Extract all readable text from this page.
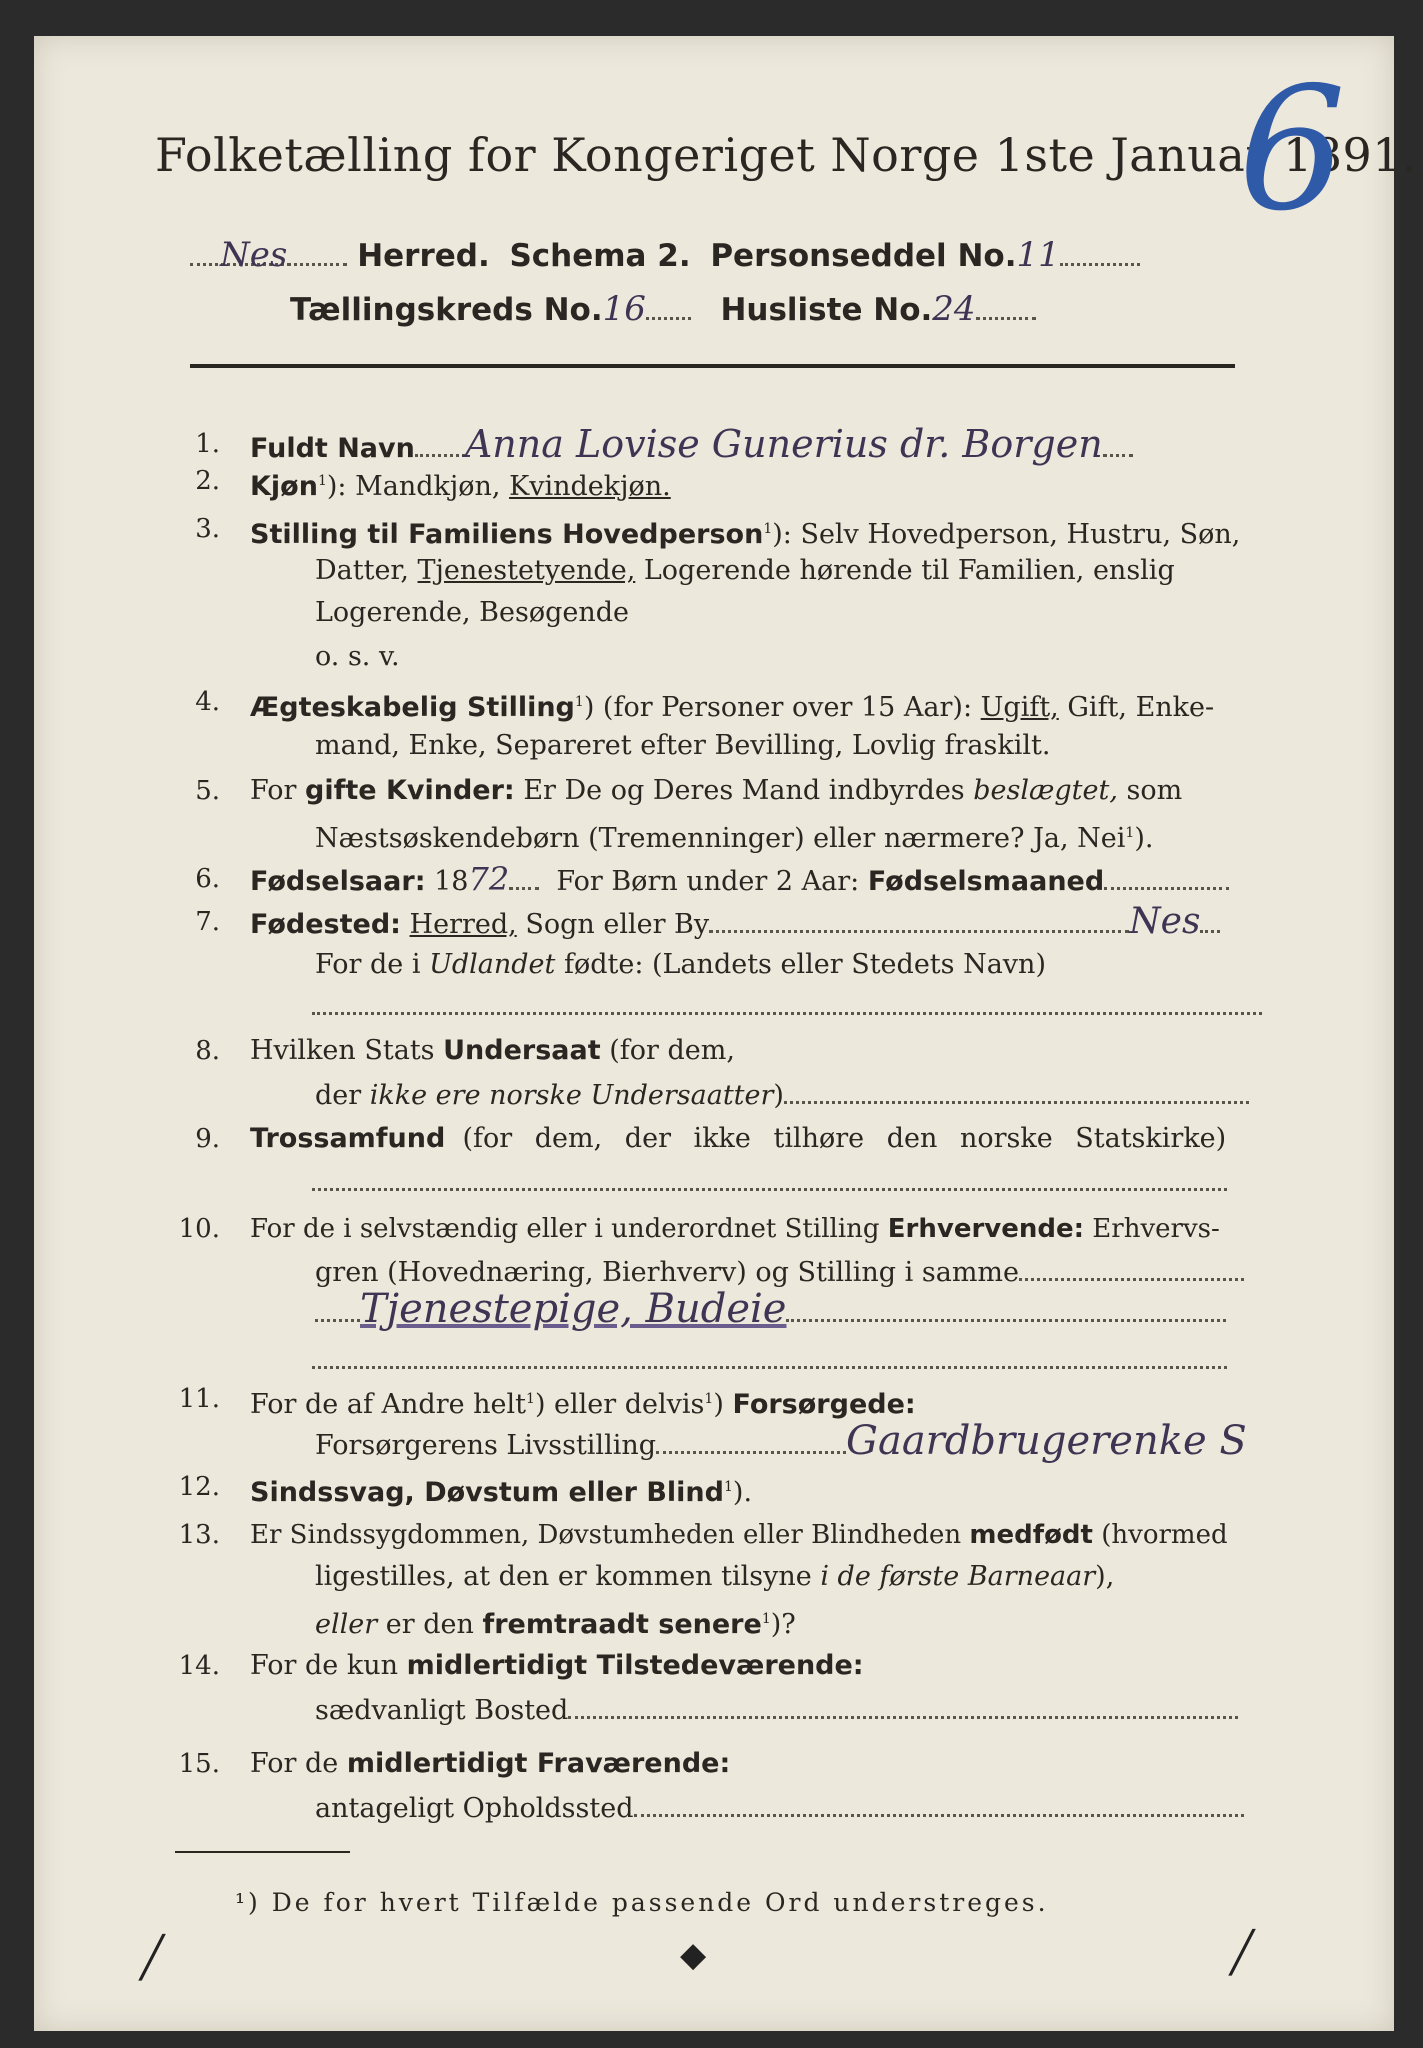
Folketælling for Kongeriget Norge 1ste Januar 1891.
6
Nes Herred. Schema 2. Personseddel No.11
Tællingskreds No.16 Husliste No.24
1. Fuldt Navn Anna Lovise Gunerius dr. Borgen
2. Kjøn$^1$): Mandkjøn, Kvindekjøn.
3. Stilling til Familiens Hovedperson$^1$): Selv Hovedperson, Hustru, Søn,
Datter, Tjenestetyende, Logerende hørende til Familien, enslig
Logerende, Besøgende
o. s. v.
4. Ægteskabelig Stilling$^1$) (for Personer over 15 Aar): Ugift, Gift, Enke-
mand, Enke, Separeret efter Bevilling, Lovlig fraskilt.
5. For gifte Kvinder: Er De og Deres Mand indbyrdes beslægtet, som
Næstsøskendebørn (Tremenninger) eller nærmere? Ja, Nei$^1$).
6. Fødselsaar: 1872 For Børn under 2 Aar: Fødselsmaaned
7. Fødested: Herred, Sogn eller By	Nes
For de i Udlandet fødte: (Landets eller Stedets Navn)
8. Hvilken Stats Undersaat (for dem,
der ikke ere norske Undersaatter)
9. Trossamfund (for dem, der ikke tilhøre den norske Statskirke)
10. For de i selvstændig eller i underordnet Stilling Erhvervende: Erhvervs-
gren (Hovednæring, Bierhverv) og Stilling i samme
Tjenestepige, Budeie
11. For de af Andre helt$^1$) eller delvis$^1$) Forsørgede:
Forsørgerens Livsstilling	Gaardbrugerenke S
12. Sindssvag, Døvstum eller Blind$^1$).
13. Er Sindssygdommen, Døvstumheden eller Blindheden medfødt (hvormed
ligestilles, at den er kommen tilsyne i de første Barneaar),
eller er den fremtraadt senere$^1$)?
14. For de kun midlertidigt Tilstedeværende:
sædvanligt Bosted
15. For de midlertidigt Fraværende:
antageligt Opholdssted
¹) De for hvert Tilfælde passende Ord understreges.
╱	◆	╱
